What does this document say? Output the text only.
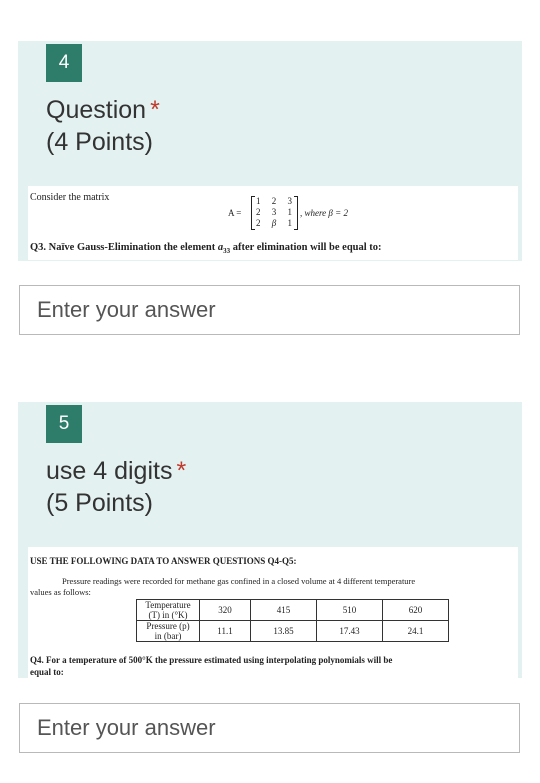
4
Question *
(4 Points)
Consider the matrix
A =
1 2 3
2 3 1
2 β 1
, where β = 2
Q3. Naïve Gauss-Elimination the element $a_{33}$ after elimination will be equal to:
Enter your answer
5
use 4 digits *
(5 Points)
USE THE FOLLOWING DATA TO ANSWER QUESTIONS Q4-Q5:
Pressure readings were recorded for methane gas confined in a closed volume at 4 different temperature
values as follows:
Temperature
(T) in (°K)	320	415	510	620

Pressure (p)
in (bar)	11.1	13.85	17.43	24.1
Q4. For a temperature of 500°K the pressure estimated using interpolating polynomials will be
equal to:
Enter your answer
